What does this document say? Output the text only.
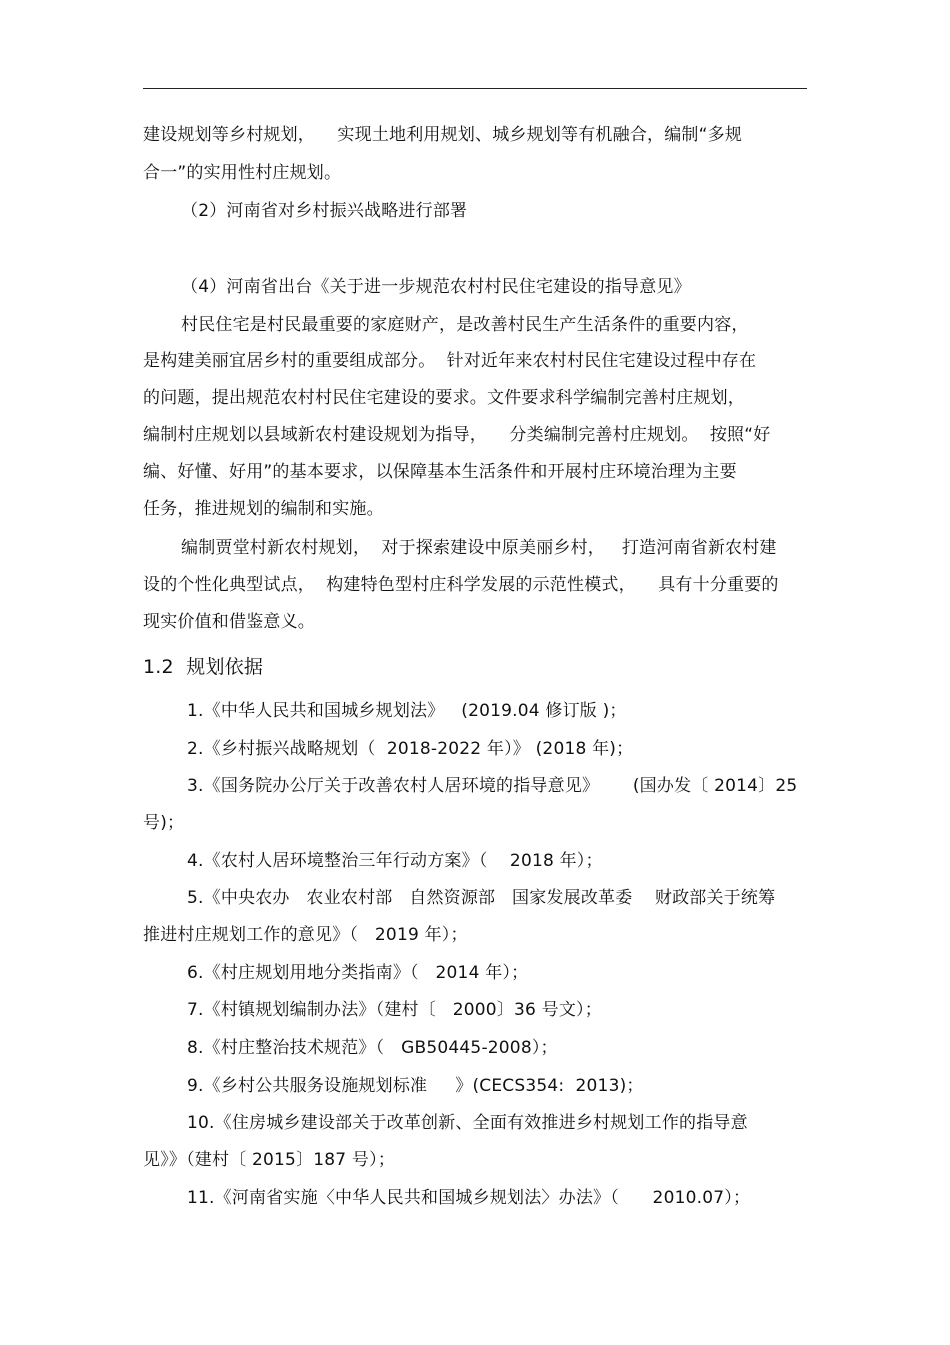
建设规划等乡村规划，    实现土地利用规划、城乡规划等有机融合，编制“多规
合一”的实用性村庄规划。
（2）河南省对乡村振兴战略进行部署
（4）河南省出台《关于进一步规范农村村民住宅建设的指导意见》
村民住宅是村民最重要的家庭财产，是改善村民生产生活条件的重要内容，
是构建美丽宜居乡村的重要组成部分。  针对近年来农村村民住宅建设过程中存在
的问题，提出规范农村村民住宅建设的要求。文件要求科学编制完善村庄规划，
编制村庄规划以县域新农村建设规划为指导，    分类编制完善村庄规划。  按照“好
编、好懂、好用”的基本要求，以保障基本生活条件和开展村庄环境治理为主要
任务，推进规划的编制和实施。
编制贾堂村新农村规划，  对于探索建设中原美丽乡村，   打造河南省新农村建
设的个性化典型试点，  构建特色型村庄科学发展的示范性模式，    具有十分重要的
现实价值和借鉴意义。
1.2  规划依据
1.《中华人民共和国城乡规划法》   (2019.04 修订版 )；
2.《乡村振兴战略规划（  2018-2022 年）》 (2018 年)；
3.《国务院办公厅关于改善农村人居环境的指导意见》      (国办发〔 2014〕25
号)；
4.《农村人居环境整治三年行动方案》（    2018 年）；
5.《中央农办   农业农村部   自然资源部   国家发展改革委    财政部关于统筹
推进村庄规划工作的意见》（   2019 年）；
6.《村庄规划用地分类指南》（   2014 年）；
7.《村镇规划编制办法》（建村〔   2000〕36 号文）；
8.《村庄整治技术规范》（   GB50445-2008）；
9.《乡村公共服务设施规划标准     》(CECS354:  2013)；
10.《住房城乡建设部关于改革创新、全面有效推进乡村规划工作的指导意
见》》（建村〔 2015〕187 号）；
11.《河南省实施〈中华人民共和国城乡规划法〉办法》（      2010.07）；
